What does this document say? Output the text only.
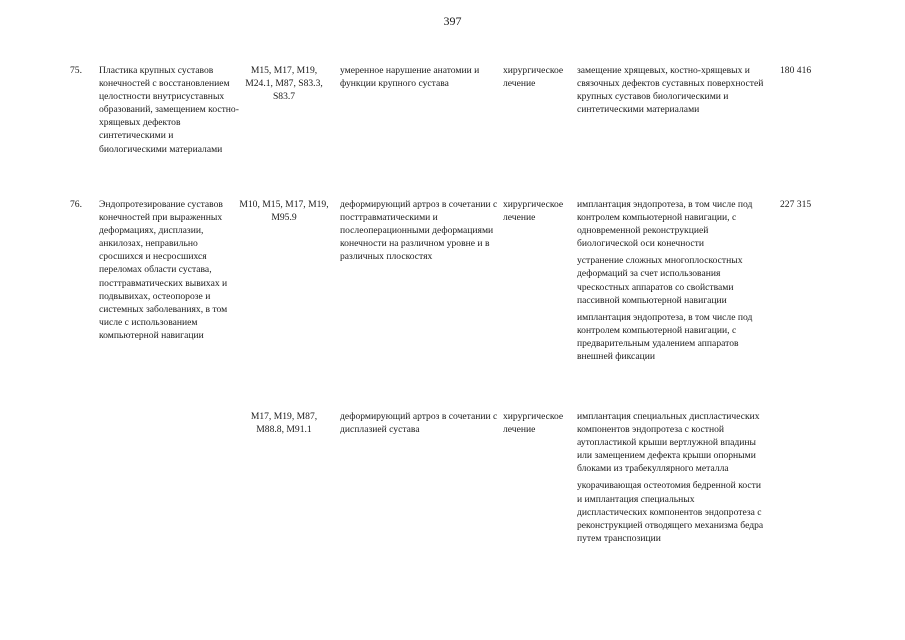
397
75.	Пластика крупных суставов конечностей с восстановлением целостности внутрисуставных образований, замещением костно-хрящевых дефектов синтетическими и биологическими материалами
M15, M17, M19, M24.1, M87, S83.3, S83.7
умеренное нарушение анатомии и функции крупного сустава
хирургическое лечение
замещение хрящевых, костно-хрящевых и связочных дефектов суставных поверхностей крупных суставов биологическими и синтетическими материалами
180 416
76.	Эндопротезирование суставов конечностей при выраженных деформациях, дисплазии, анкилозах, неправильно сросшихся и несросшихся переломах области сустава, посттравматических вывихах и подвывихах, остеопорозе и системных заболеваниях, в том числе с использованием компьютерной навигации
M10, M15, M17, M19, M95.9
деформирующий артроз в сочетании с посттравматическими и послеоперационными деформациями конечности на различном уровне и в различных плоскостях
хирургическое лечение
имплантация эндопротеза, в том числе под контролем компьютерной навигации, с одновременной реконструкцией биологической оси конечности
устранение сложных многоплоскостных деформаций за счет использования чрескостных аппаратов со свойствами пассивной компьютерной навигации
имплантация эндопротеза, в том числе под контролем компьютерной навигации, с предварительным удалением аппаратов внешней фиксации
227 315
M17, M19, M87, M88.8, M91.1
деформирующий артроз в сочетании с дисплазией сустава
хирургическое лечение
имплантация специальных диспластических компонентов эндопротеза с костной аутопластикой крыши вертлужной впадины или замещением дефекта крыши опорными блоками из трабекуллярного металла
укорачивающая остеотомия бедренной кости и имплантация специальных диспластических компонентов эндопротеза с реконструкцией отводящего механизма бедра путем транспозиции
